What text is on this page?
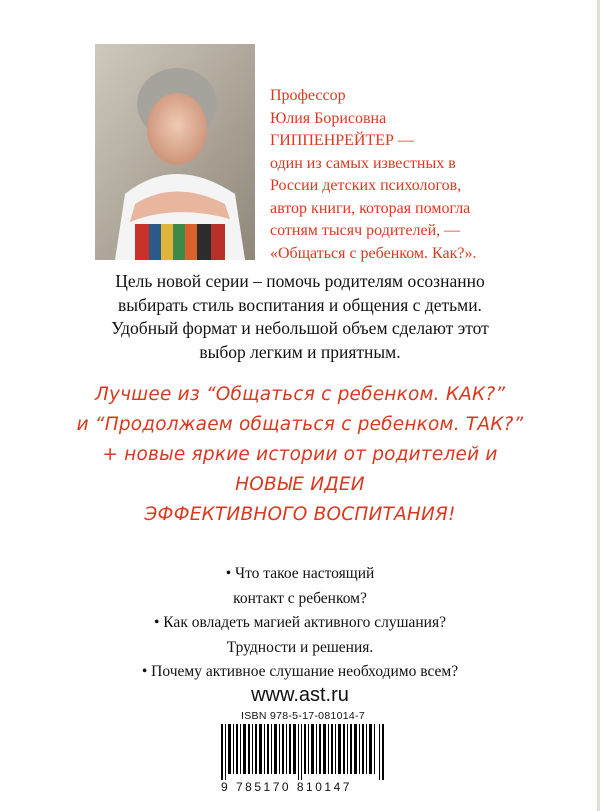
Профессор
Юлия Борисовна
ГИППЕНРЕЙТЕР —
один из самых известных в
России детских психологов,
автор книги, которая помогла
сотням тысяч родителей, —
«Общаться с ребенком. Как?».
Цель новой серии – помочь родителям осознанно
выбирать стиль воспитания и общения с детьми.
Удобный формат и небольшой объем сделают этот
выбор легким и приятным.
Лучшее из “Общаться с ребенком. КАК?”
и “Продолжаем общаться с ребенком. ТАК?”
+ новые яркие истории от родителей и
НОВЫЕ ИДЕИ
ЭФФЕКТИВНОГО ВОСПИТАНИЯ!
• Что такое настоящий
контакт с ребенком?
• Как овладеть магией активного слушания?
Трудности и решения.
• Почему активное слушание необходимо всем?
www.ast.ru
ISBN 978-5-17-081014-7
9 785170 810147
